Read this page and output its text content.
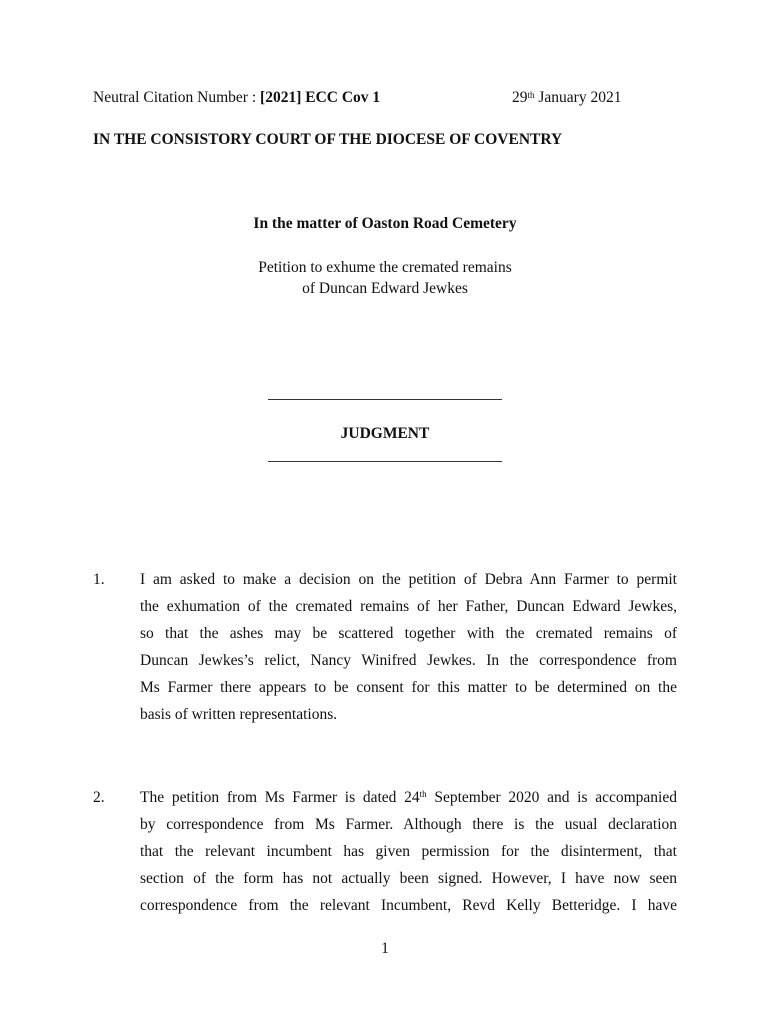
Neutral Citation Number : [2021] ECC Cov 1	29th January 2021
IN THE CONSISTORY COURT OF THE DIOCESE OF COVENTRY
In the matter of Oaston Road Cemetery
Petition to exhume the cremated remains
of Duncan Edward Jewkes
JUDGMENT
1. I am asked to make a decision on the petition of Debra Ann Farmer to permit
the exhumation of the cremated remains of her Father, Duncan Edward Jewkes,
so that the ashes may be scattered together with the cremated remains of
Duncan Jewkes’s relict, Nancy Winifred Jewkes. In the correspondence from
Ms Farmer there appears to be consent for this matter to be determined on the
basis of written representations.
2. The petition from Ms Farmer is dated 24th September 2020 and is accompanied
by correspondence from Ms Farmer. Although there is the usual declaration
that the relevant incumbent has given permission for the disinterment, that
section of the form has not actually been signed. However, I have now seen
correspondence from the relevant Incumbent, Revd Kelly Betteridge. I have
1
